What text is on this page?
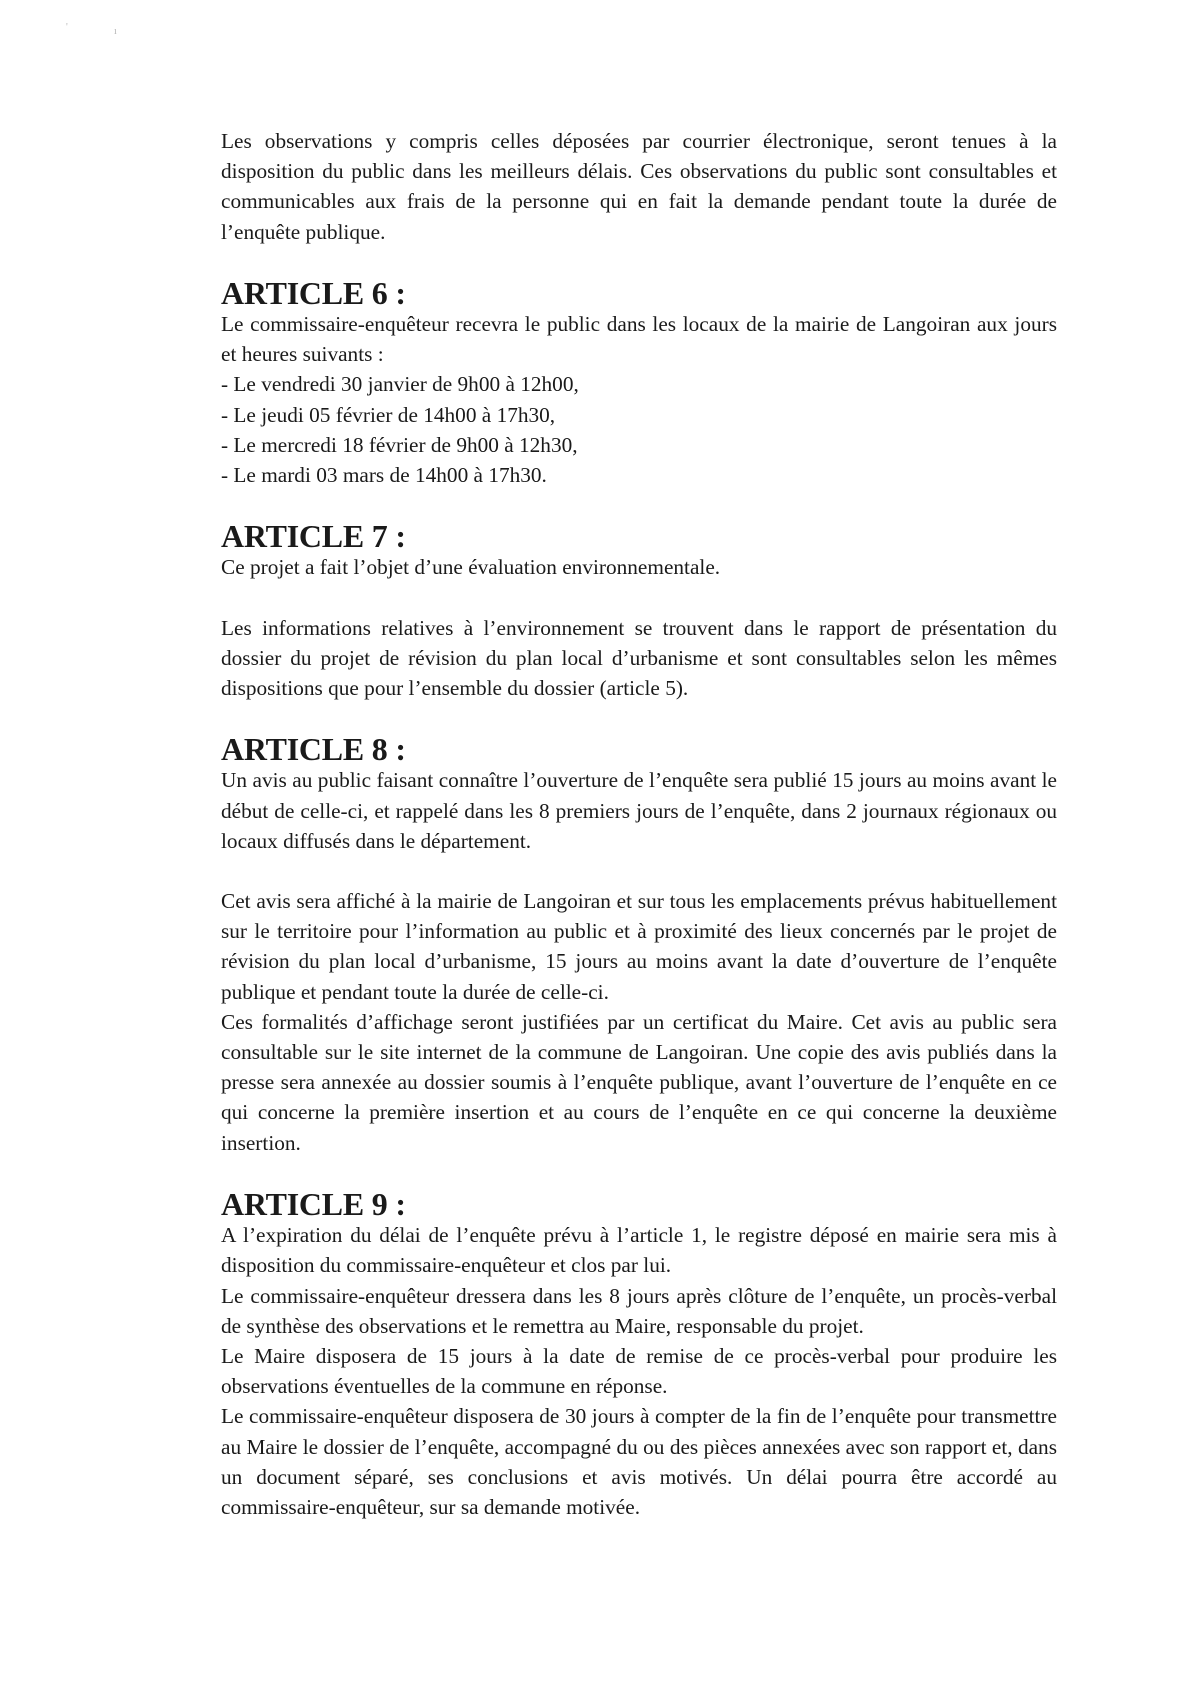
'	ı

Les observations y compris celles déposées par courrier électronique, seront tenues à la disposition du public dans les meilleurs délais. Ces observations du public sont consultables et communicables aux frais de la personne qui en fait la demande pendant toute la durée de l’enquête publique.

ARTICLE 6 :

Le commissaire-enquêteur recevra le public dans les locaux de la mairie de Langoiran aux jours et heures suivants :

- Le vendredi 30 janvier de 9h00 à 12h00,
- Le jeudi 05 février de 14h00 à 17h30,
- Le mercredi 18 février de 9h00 à 12h30,
- Le mardi 03 mars de 14h00 à 17h30.
ARTICLE 7 :

Ce projet a fait l’objet d’une évaluation environnementale.

Les informations relatives à l’environnement se trouvent dans le rapport de présentation du dossier du projet de révision du plan local d’urbanisme et sont consultables selon les mêmes dispositions que pour l’ensemble du dossier (article 5).

ARTICLE 8 :

Un avis au public faisant connaître l’ouverture de l’enquête sera publié 15 jours au moins avant le début de celle-ci, et rappelé dans les 8 premiers jours de l’enquête, dans 2 journaux régionaux ou locaux diffusés dans le département.

Cet avis sera affiché à la mairie de Langoiran et sur tous les emplacements prévus habituellement sur le territoire pour l’information au public et à proximité des lieux concernés par le projet de révision du plan local d’urbanisme, 15 jours au moins avant la date d’ouverture de l’enquête publique et pendant toute la durée de celle-ci.

Ces formalités d’affichage seront justifiées par un certificat du Maire. Cet avis au public sera consultable sur le site internet de la commune de Langoiran. Une copie des avis publiés dans la presse sera annexée au dossier soumis à l’enquête publique, avant l’ouverture de l’enquête en ce qui concerne la première insertion et au cours de l’enquête en ce qui concerne la deuxième insertion.

ARTICLE 9 :

A l’expiration du délai de l’enquête prévu à l’article 1, le registre déposé en mairie sera mis à disposition du commissaire-enquêteur et clos par lui.

Le commissaire-enquêteur dressera dans les 8 jours après clôture de l’enquête, un procès-verbal de synthèse des observations et le remettra au Maire, responsable du projet.

Le Maire disposera de 15 jours à la date de remise de ce procès-verbal pour produire les observations éventuelles de la commune en réponse.

Le commissaire-enquêteur disposera de 30 jours à compter de la fin de l’enquête pour transmettre au Maire le dossier de l’enquête, accompagné du ou des pièces annexées avec son rapport et, dans un document séparé, ses conclusions et avis motivés. Un délai pourra être accordé au commissaire-enquêteur, sur sa demande motivée.
